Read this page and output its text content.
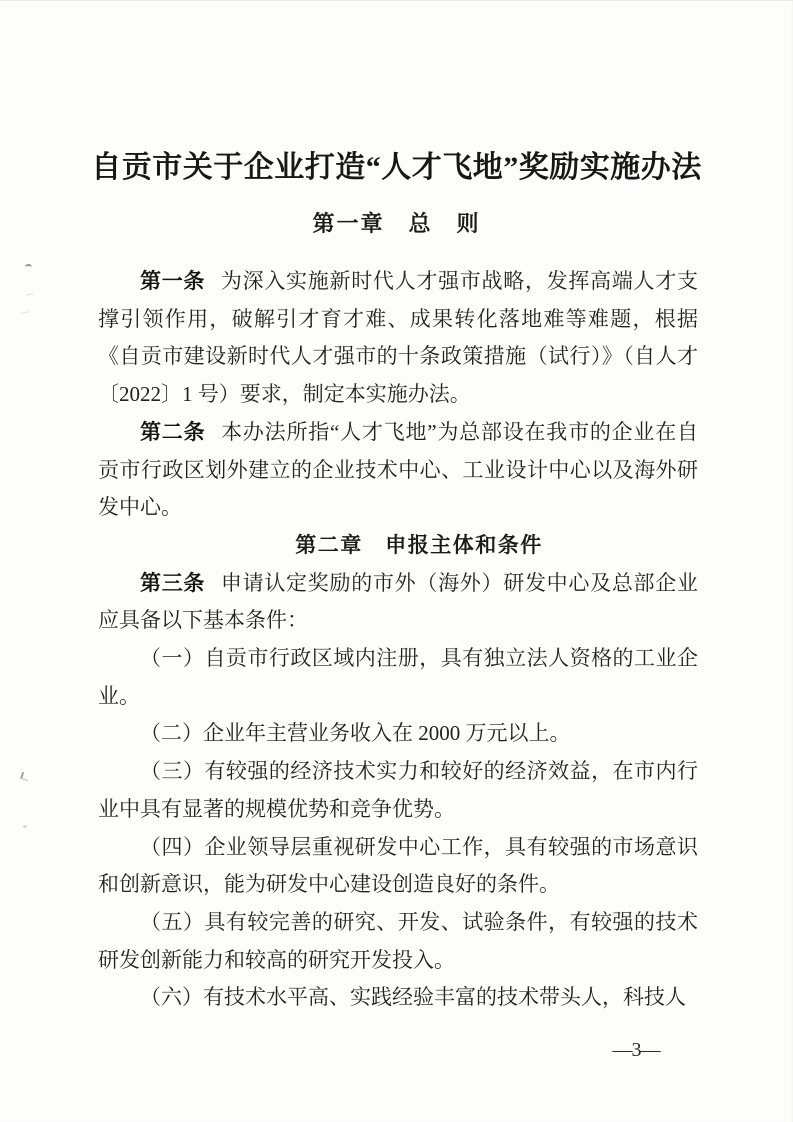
自贡市关于企业打造“人才飞地”奖励实施办法
第一章　总　则

第一条 为深入实施新时代人才强市战略，发挥高端人才支撑引领作用，破解引才育才难、成果转化落地难等难题，根据《自贡市建设新时代人才强市的十条政策措施（试行）》（自人才〔2022〕1 号）要求，制定本实施办法。

第二条 本办法所指“人才飞地”为总部设在我市的企业在自贡市行政区划外建立的企业技术中心、工业设计中心以及海外研发中心。

第二章　申报主体和条件

第三条 申请认定奖励的市外（海外）研发中心及总部企业应具备以下基本条件：

（一）自贡市行政区域内注册，具有独立法人资格的工业企业。

（二）企业年主营业务收入在 2000 万元以上。

（三）有较强的经济技术实力和较好的经济效益，在市内行业中具有显著的规模优势和竞争优势。

（四）企业领导层重视研发中心工作，具有较强的市场意识和创新意识，能为研发中心建设创造良好的条件。

（五）具有较完善的研究、开发、试验条件，有较强的技术研发创新能力和较高的研究开发投入。

（六）有技术水平高、实践经验丰富的技术带头人，科技人

—3—
